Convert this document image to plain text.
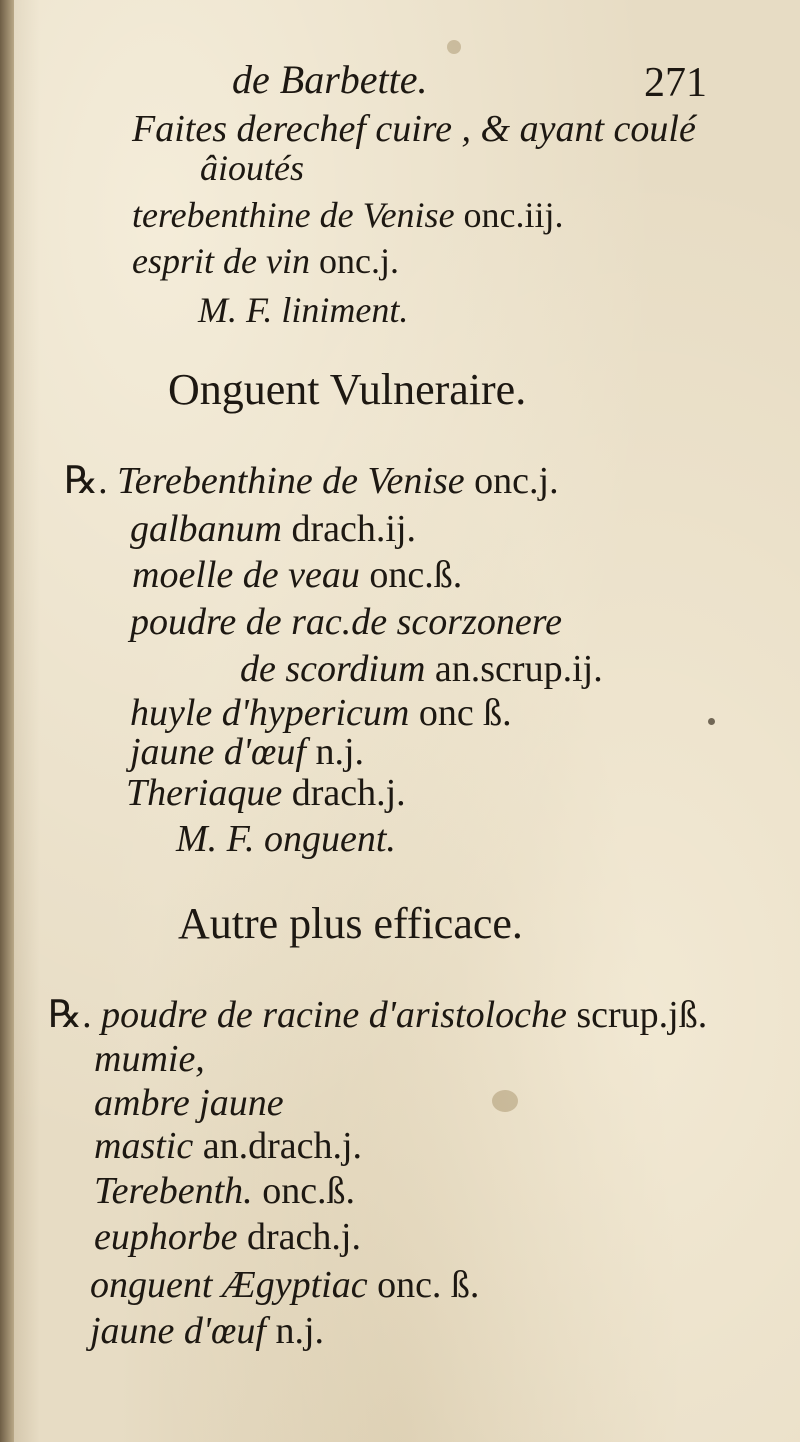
de Barbette.	271
Faites derechef cuire , & ayant coulé
âioutés
terebenthine de Venise onc.iij.
esprit de vin onc.j.
M. F. liniment.
Onguent Vulneraire.
℞. Terebenthine de Venise onc.j.
galbanum drach.ij.
moelle de veau onc.ß.
poudre de rac.de scorzonere
de scordium an.scrup.ij.
huyle d'hypericum onc ß.
jaune d'œuf n.j.
Theriaque drach.j.
M. F. onguent.
Autre plus efficace.
℞. poudre de racine d'aristoloche scrup.jß.
mumie,
ambre jaune
mastic an.drach.j.
Terebenth. onc.ß.
euphorbe drach.j.
onguent Ægyptiac onc. ß.
jaune d'œuf n.j.
